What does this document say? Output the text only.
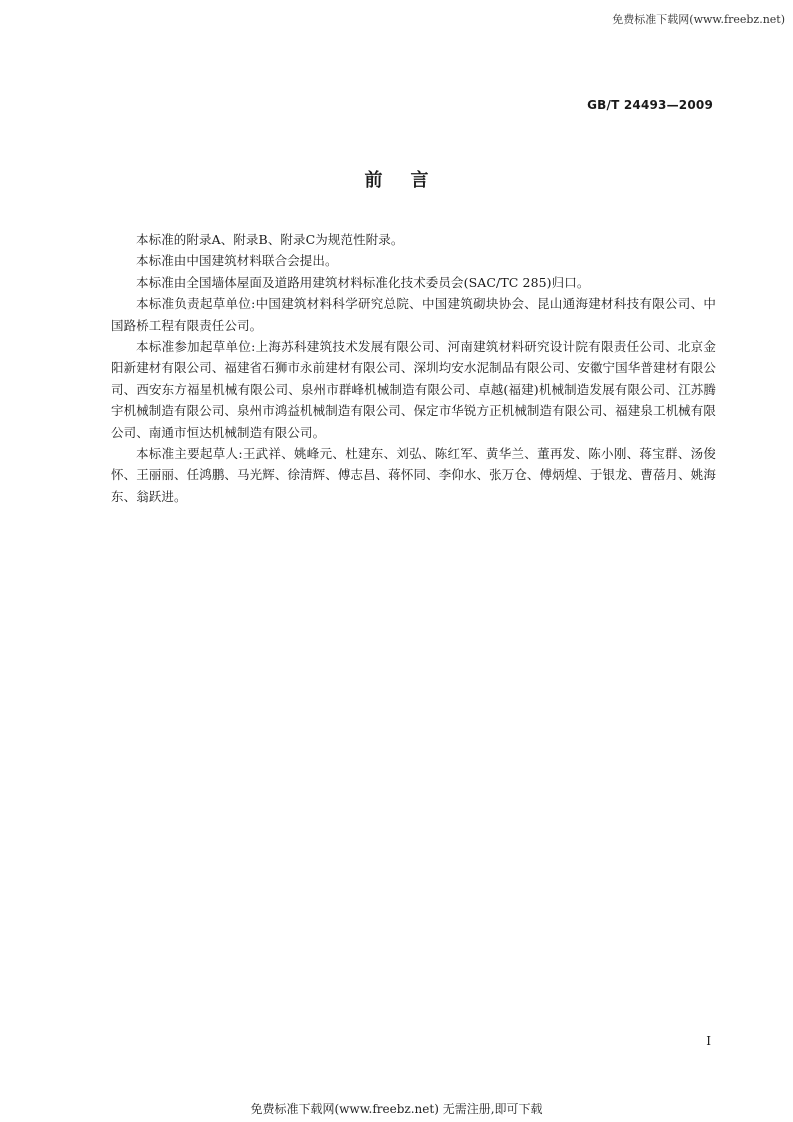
免费标准下载网(www.freebz.net)
GB/T 24493—2009
前言

本标准的附录A、附录B、附录C为规范性附录。

本标准由中国建筑材料联合会提出。

本标准由全国墙体屋面及道路用建筑材料标准化技术委员会(SAC/TC 285)归口。

本标准负责起草单位:中国建筑材料科学研究总院、中国建筑砌块协会、昆山通海建材科技有限公司、中国路桥工程有限责任公司。

本标准参加起草单位:上海苏科建筑技术发展有限公司、河南建筑材料研究设计院有限责任公司、北京金阳新建材有限公司、福建省石狮市永前建材有限公司、深圳均安水泥制品有限公司、安徽宁国华普建材有限公司、西安东方福星机械有限公司、泉州市群峰机械制造有限公司、卓越(福建)机械制造发展有限公司、江苏腾宇机械制造有限公司、泉州市鸿益机械制造有限公司、保定市华锐方正机械制造有限公司、福建泉工机械有限公司、南通市恒达机械制造有限公司。

本标准主要起草人:王武祥、姚峰元、杜建东、刘弘、陈红军、黄华兰、董再发、陈小刚、蒋宝群、汤俊怀、王丽丽、任鸿鹏、马光辉、徐清辉、傅志昌、蒋怀同、李仰水、张万仓、傅炳煌、于银龙、曹蓓月、姚海东、翁跃进。

I
免费标准下载网(www.freebz.net) 无需注册,即可下载
